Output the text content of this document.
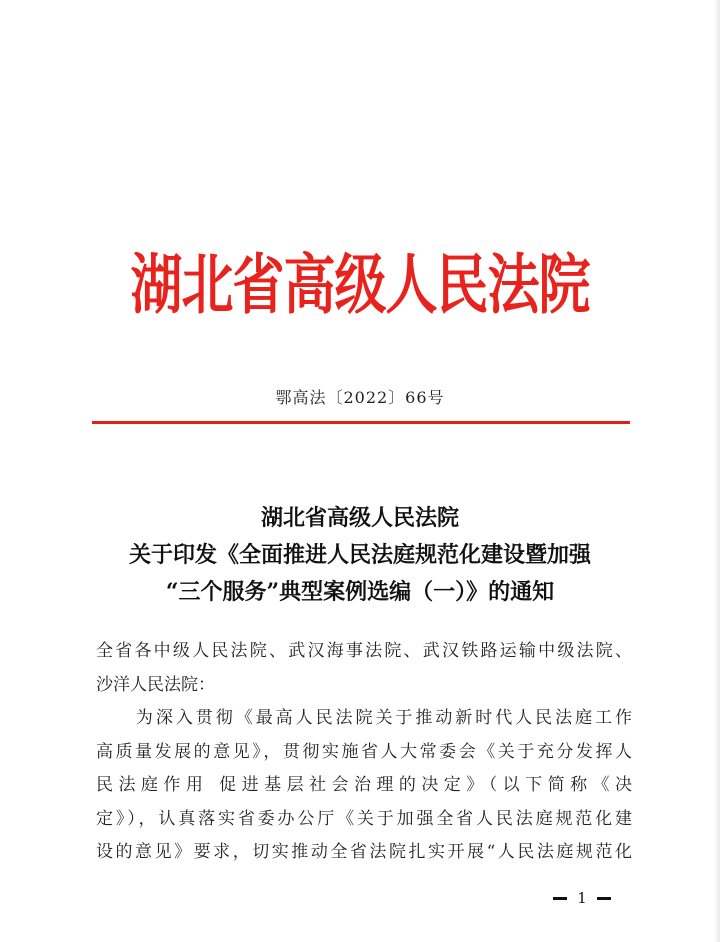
湖北省高级人民法院
鄂高法〔2022〕66号
湖北省高级人民法院
关于印发《全面推进人民法庭规范化建设暨加强
“三个服务”典型案例选编（一）》的通知

全省各中级人民法院、武汉海事法院、武汉铁路运输中级法院、

沙洋人民法院：

　　为深入贯彻《最高人民法院关于推动新时代人民法庭工作

高质量发展的意见》，贯彻实施省人大常委会《关于充分发挥人

民法庭作用 促进基层社会治理的决定》（以下简称《决

定》），认真落实省委办公厅《关于加强全省人民法庭规范化建

设的意见》要求，切实推动全省法院扎实开展“人民法庭规范化

1
